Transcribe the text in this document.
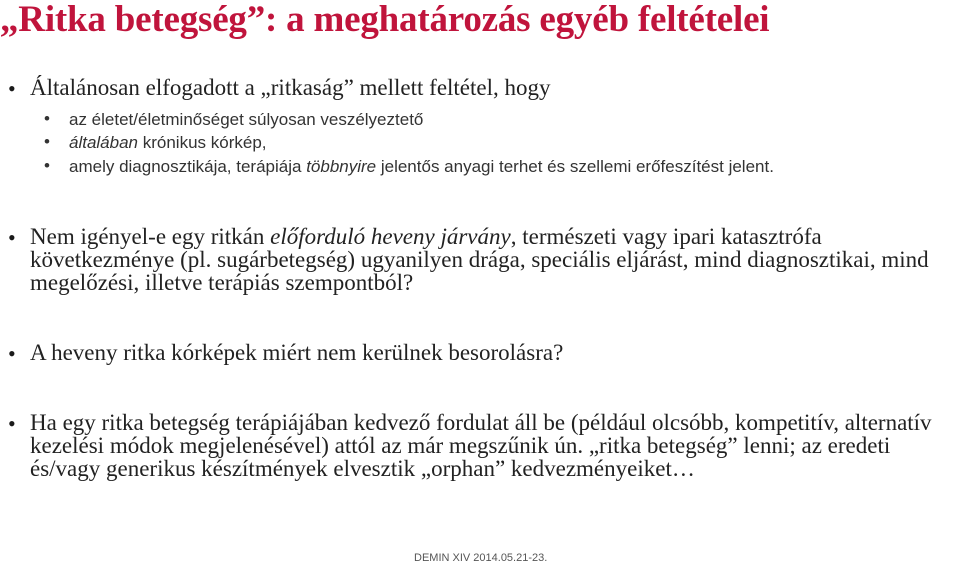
„Ritka betegség”: a meghatározás egyéb feltételei
• Általánosan elfogadott a „ritkaság” mellett feltétel, hogy
• az életet/életminőséget súlyosan veszélyeztető
• általában krónikus kórkép,
• amely diagnosztikája, terápiája többnyire jelentős anyagi terhet és szellemi erőfeszítést jelent.
• Nem igényel-e egy ritkán előforduló heveny járvány, természeti vagy ipari katasztrófa következménye (pl. sugárbetegség) ugyanilyen drága, speciális eljárást, mind diagnosztikai, mind megelőzési, illetve terápiás szempontból?
• A heveny ritka kórképek miért nem kerülnek besorolásra?
• Ha egy ritka betegség terápiájában kedvező fordulat áll be (például olcsóbb, kompetitív, alternatív kezelési módok megjelenésével) attól az már megszűnik ún. „ritka betegség” lenni; az eredeti és/vagy generikus készítmények elvesztik „orphan” kedvezményeiket…
DEMIN XIV 2014.05.21-23.
